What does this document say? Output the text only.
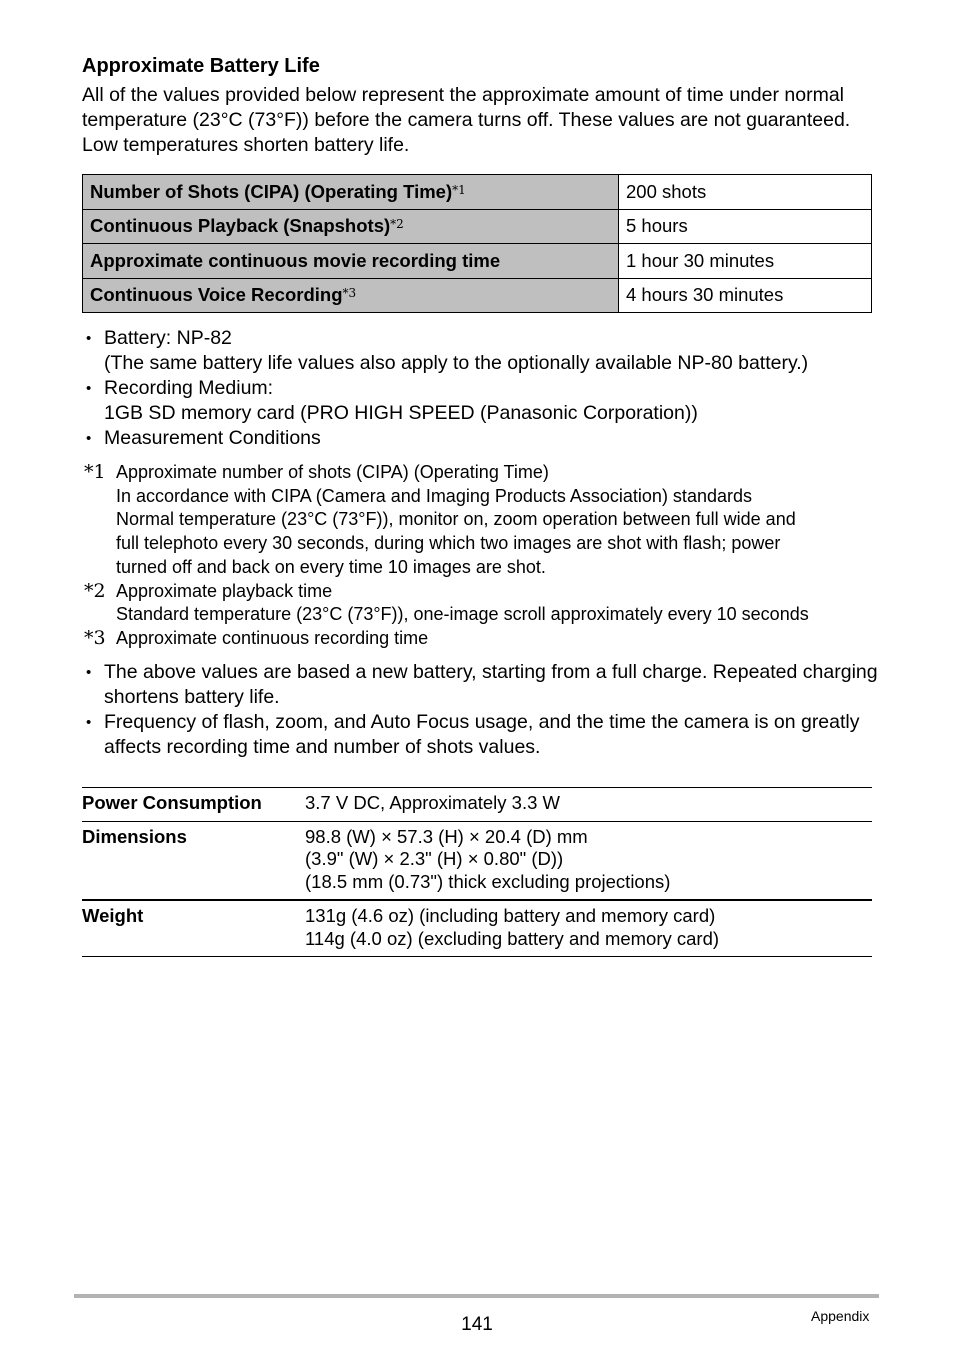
Approximate Battery Life
All of the values provided below represent the approximate amount of time under normal temperature (23°C (73°F)) before the camera turns off. These values are not guaranteed. Low temperatures shorten battery life.
Number of Shots (CIPA) (Operating Time)$^{*1}$	200 shots
Continuous Playback (Snapshots)$^{*2}$	5 hours
Approximate continuous movie recording time	1 hour 30 minutes
Continuous Voice Recording$^{*3}$	4 hours 30 minutes
• Battery: NP-82
(The same battery life values also apply to the optionally available NP-80 battery.)
• Recording Medium:
1GB SD memory card (PRO HIGH SPEED (Panasonic Corporation))
• Measurement Conditions
*1 Approximate number of shots (CIPA) (Operating Time)
In accordance with CIPA (Camera and Imaging Products Association) standards
Normal temperature (23°C (73°F)), monitor on, zoom operation between full wide and
full telephoto every 30 seconds, during which two images are shot with flash; power
turned off and back on every time 10 images are shot.
*2 Approximate playback time
Standard temperature (23°C (73°F)), one-image scroll approximately every 10 seconds
*3 Approximate continuous recording time
• The above values are based a new battery, starting from a full charge. Repeated charging shortens battery life.
• Frequency of flash, zoom, and Auto Focus usage, and the time the camera is on greatly affects recording time and number of shots values.
Power Consumption	3.7 V DC, Approximately 3.3 W

Dimensions	98.8 (W) × 57.3 (H) × 20.4 (D) mm
(3.9" (W) × 2.3" (H) × 0.80" (D))
(18.5 mm (0.73") thick excluding projections)

Weight	131g (4.6 oz) (including battery and memory card)
114g (4.0 oz) (excluding battery and memory card)
141	Appendix
